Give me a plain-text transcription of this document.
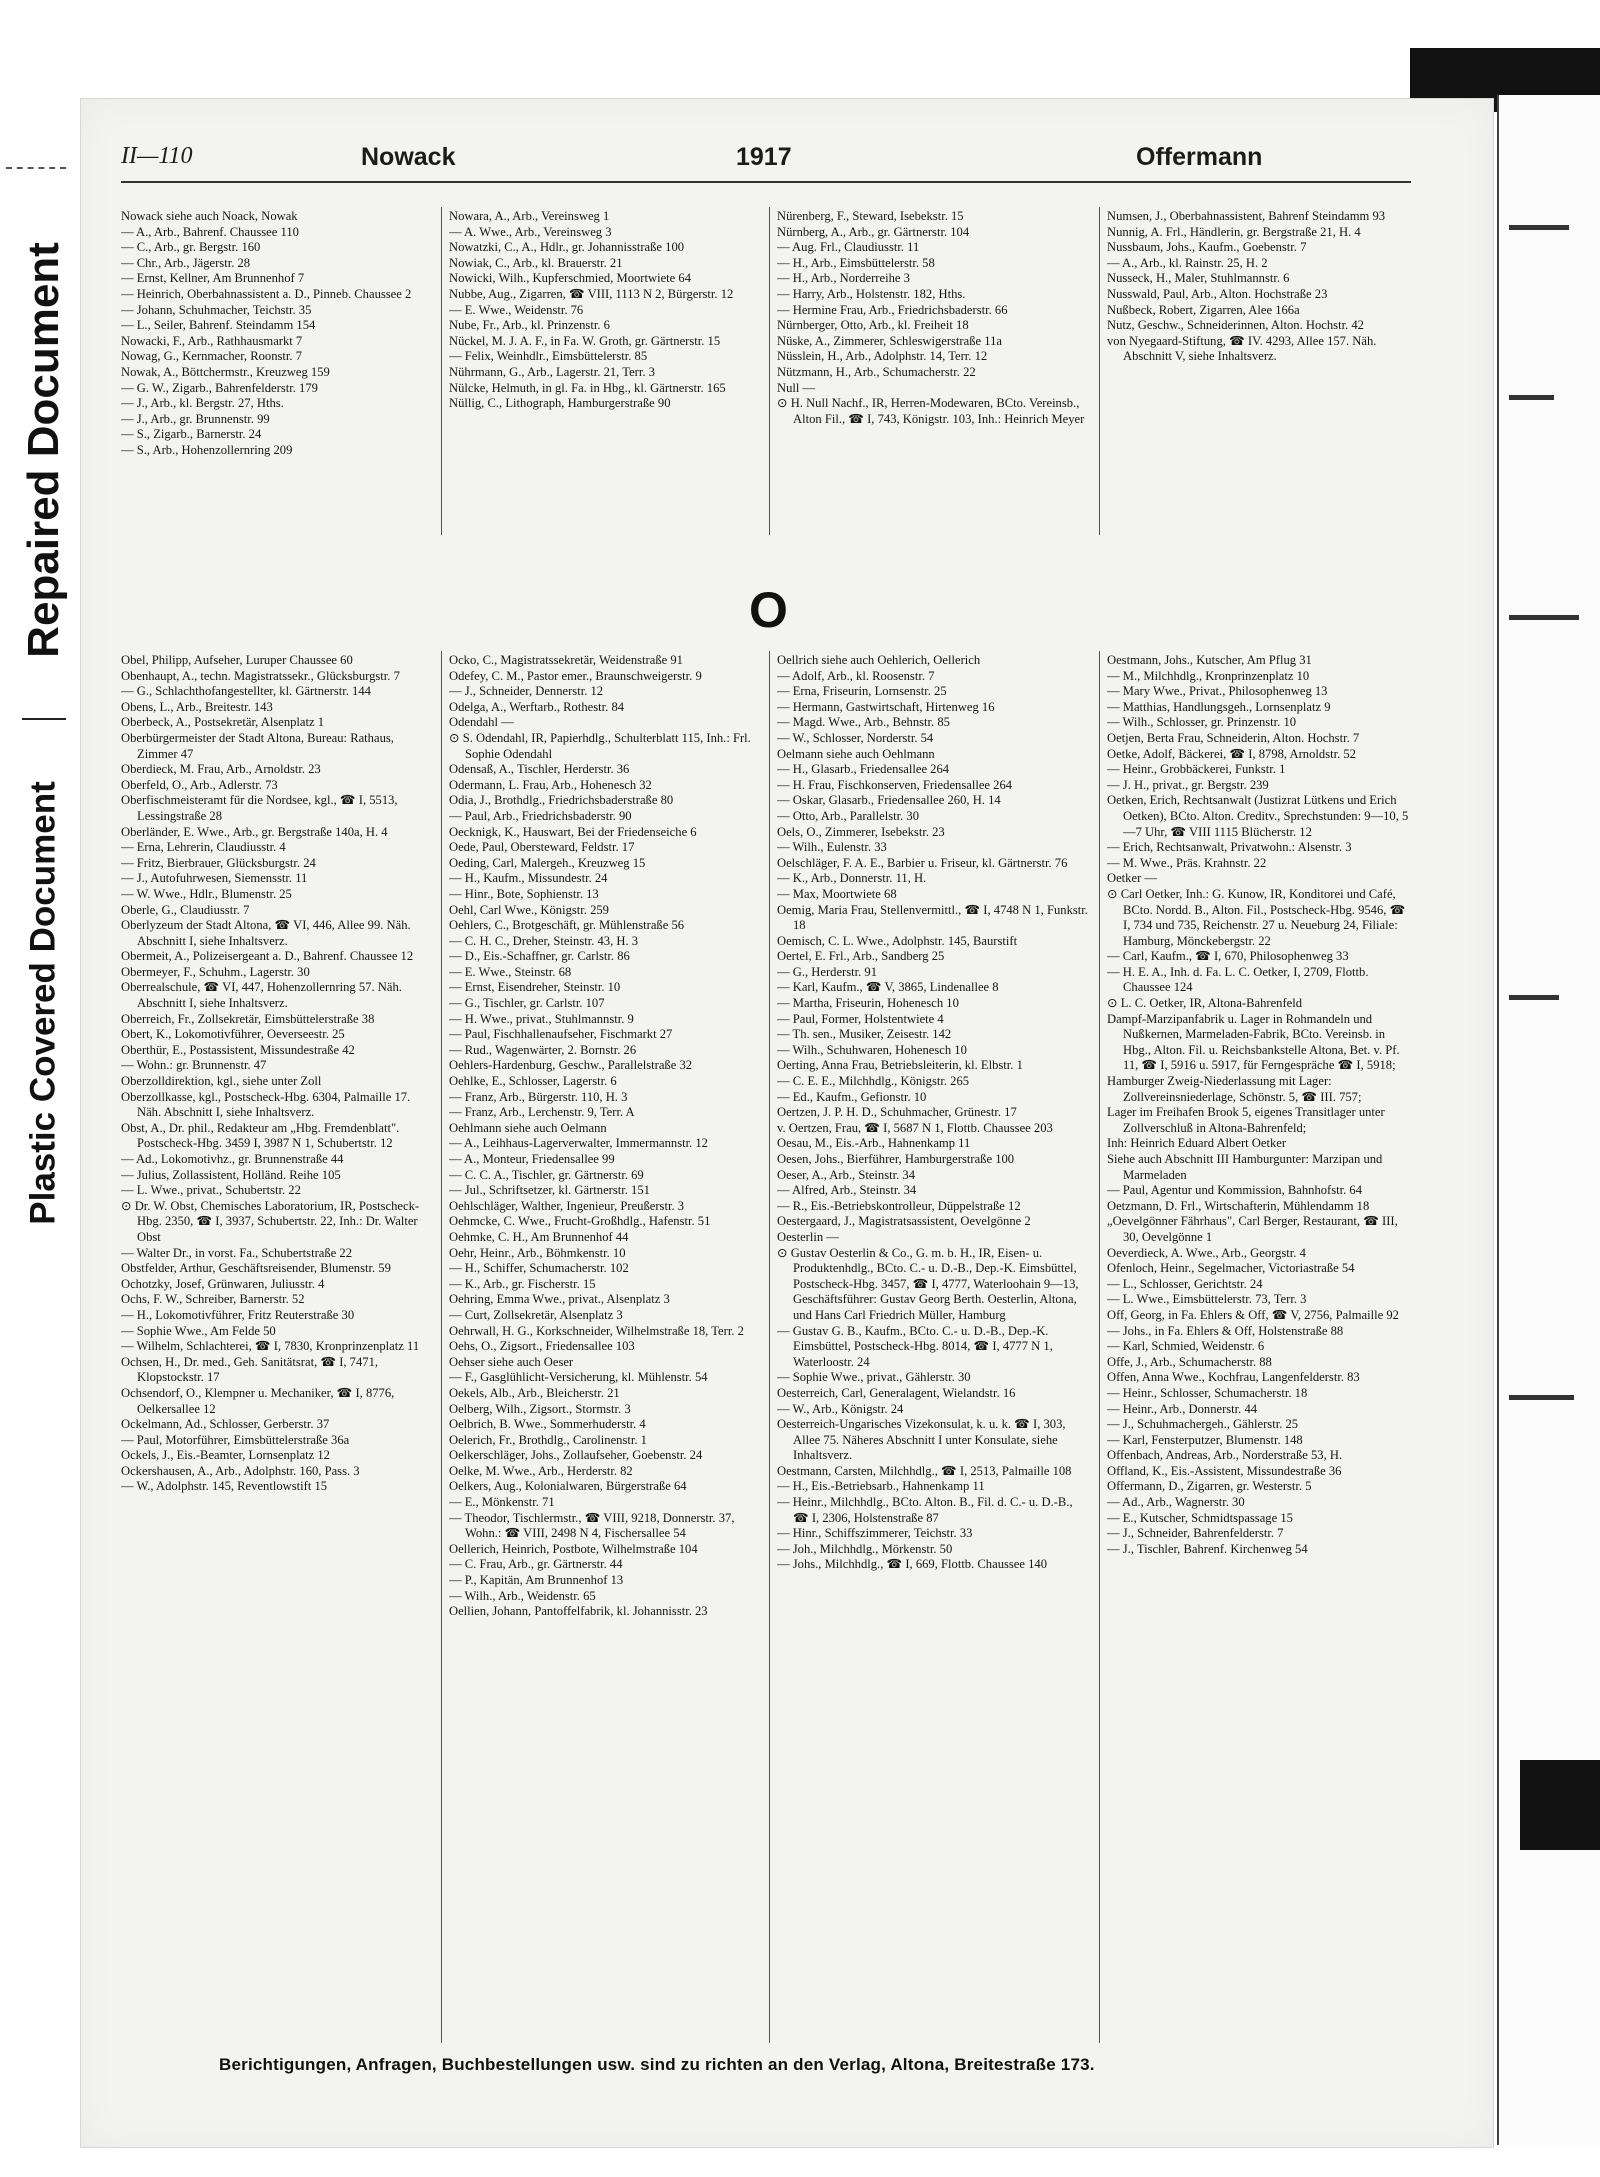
Repaired Document
Plastic Covered Document
II—110	Nowack	1917	Offermann

Nowack siehe auch Noack, Nowak

— A., Arb., Bahrenf. Chaussee 110

— C., Arb., gr. Bergstr. 160

— Chr., Arb., Jägerstr. 28

— Ernst, Kellner, Am Brunnenhof 7

— Heinrich, Oberbahnassistent a. D., Pinneb. Chaussee 2

— Johann, Schuhmacher, Teichstr. 35

— L., Seiler, Bahrenf. Steindamm 154

Nowacki, F., Arb., Rathhausmarkt 7

Nowag, G., Kernmacher, Roonstr. 7

Nowak, A., Böttchermstr., Kreuzweg 159

— G. W., Zigarb., Bahrenfelderstr. 179

— J., Arb., kl. Bergstr. 27, Hths.

— J., Arb., gr. Brunnenstr. 99

— S., Zigarb., Barnerstr. 24

— S., Arb., Hohenzollernring 209

Nowara, A., Arb., Vereinsweg 1

— A. Wwe., Arb., Vereinsweg 3

Nowatzki, C., A., Hdlr., gr. Johannisstraße 100

Nowiak, C., Arb., kl. Brauerstr. 21

Nowicki, Wilh., Kupferschmied, Moortwiete 64

Nubbe, Aug., Zigarren, ☎ VIII, 1113 N 2, Bürgerstr. 12

— E. Wwe., Weidenstr. 76

Nube, Fr., Arb., kl. Prinzenstr. 6

Nückel, M. J. A. F., in Fa. W. Groth, gr. Gärtnerstr. 15

— Felix, Weinhdlr., Eimsbüttelerstr. 85

Nührmann, G., Arb., Lagerstr. 21, Terr. 3

Nülcke, Helmuth, in gl. Fa. in Hbg., kl. Gärtnerstr. 165

Nüllig, C., Lithograph, Hamburgerstraße 90

Nürenberg, F., Steward, Isebekstr. 15

Nürnberg, A., Arb., gr. Gärtnerstr. 104

— Aug. Frl., Claudiusstr. 11

— H., Arb., Eimsbüttelerstr. 58

— H., Arb., Norderreihe 3

— Harry, Arb., Holstenstr. 182, Hths.

— Hermine Frau, Arb., Friedrichsbaderstr. 66

Nürnberger, Otto, Arb., kl. Freiheit 18

Nüske, A., Zimmerer, Schleswigerstraße 11a

Nüsslein, H., Arb., Adolphstr. 14, Terr. 12

Nützmann, H., Arb., Schumacherstr. 22

Null —

⊙ H. Null Nachf., IR, Herren-Modewaren, BCto. Vereinsb., Alton Fil., ☎ I, 743, Königstr. 103, Inh.: Heinrich Meyer

Numsen, J., Oberbahnassistent, Bahrenf Steindamm 93

Nunnig, A. Frl., Händlerin, gr. Bergstraße 21, H. 4

Nussbaum, Johs., Kaufm., Goebenstr. 7

— A., Arb., kl. Rainstr. 25, H. 2

Nusseck, H., Maler, Stuhlmannstr. 6

Nusswald, Paul, Arb., Alton. Hochstraße 23

Nußbeck, Robert, Zigarren, Alee 166a

Nutz, Geschw., Schneiderinnen, Alton. Hochstr. 42

von Nyegaard-Stiftung, ☎ IV. 4293, Allee 157. Näh. Abschnitt V, siehe Inhaltsverz.

O

Obel, Philipp, Aufseher, Luruper Chaussee 60

Obenhaupt, A., techn. Magistratssekr., Glücksburgstr. 7

— G., Schlachthofangestellter, kl. Gärtnerstr. 144

Obens, L., Arb., Breitestr. 143

Oberbeck, A., Postsekretär, Alsenplatz 1

Oberbürgermeister der Stadt Altona, Bureau: Rathaus, Zimmer 47

Oberdieck, M. Frau, Arb., Arnoldstr. 23

Oberfeld, O., Arb., Adlerstr. 73

Oberfischmeisteramt für die Nordsee, kgl., ☎ I, 5513, Lessingstraße 28

Oberländer, E. Wwe., Arb., gr. Bergstraße 140a, H. 4

— Erna, Lehrerin, Claudiusstr. 4

— Fritz, Bierbrauer, Glücksburgstr. 24

— J., Autofuhrwesen, Siemensstr. 11

— W. Wwe., Hdlr., Blumenstr. 25

Oberle, G., Claudiusstr. 7

Oberlyzeum der Stadt Altona, ☎ VI, 446, Allee 99. Näh. Abschnitt I, siehe Inhaltsverz.

Obermeit, A., Polizeisergeant a. D., Bahrenf. Chaussee 12

Obermeyer, F., Schuhm., Lagerstr. 30

Oberrealschule, ☎ VI, 447, Hohenzollernring 57. Näh. Abschnitt I, siehe Inhaltsverz.

Oberreich, Fr., Zollsekretär, Eimsbüttelerstraße 38

Obert, K., Lokomotivführer, Oeverseestr. 25

Oberthür, E., Postassistent, Missundestraße 42

— Wohn.: gr. Brunnenstr. 47

Oberzolldirektion, kgl., siehe unter Zoll

Oberzollkasse, kgl., Postscheck-Hbg. 6304, Palmaille 17. Näh. Abschnitt I, siehe Inhaltsverz.

Obst, A., Dr. phil., Redakteur am „Hbg. Fremdenblatt". Postscheck-Hbg. 3459 I, 3987 N 1, Schubertstr. 12

— Ad., Lokomotivhz., gr. Brunnenstraße 44

— Julius, Zollassistent, Holländ. Reihe 105

— L. Wwe., privat., Schubertstr. 22

⊙ Dr. W. Obst, Chemisches Laboratorium, IR, Postscheck-Hbg. 2350, ☎ I, 3937, Schubertstr. 22, Inh.: Dr. Walter Obst

— Walter Dr., in vorst. Fa., Schubertstraße 22

Obstfelder, Arthur, Geschäftsreisender, Blumenstr. 59

Ochotzky, Josef, Grünwaren, Juliusstr. 4

Ochs, F. W., Schreiber, Barnerstr. 52

— H., Lokomotivführer, Fritz Reuterstraße 30

— Sophie Wwe., Am Felde 50

— Wilhelm, Schlachterei, ☎ I, 7830, Kronprinzenplatz 11

Ochsen, H., Dr. med., Geh. Sanitätsrat, ☎ I, 7471, Klopstockstr. 17

Ochsendorf, O., Klempner u. Mechaniker, ☎ I, 8776, Oelkersallee 12

Ockelmann, Ad., Schlosser, Gerberstr. 37

— Paul, Motorführer, Eimsbüttelerstraße 36a

Ockels, J., Eis.-Beamter, Lornsenplatz 12

Ockershausen, A., Arb., Adolphstr. 160, Pass. 3

— W., Adolphstr. 145, Reventlowstift 15

Ocko, C., Magistratssekretär, Weidenstraße 91

Odefey, C. M., Pastor emer., Braunschweigerstr. 9

— J., Schneider, Dennerstr. 12

Odelga, A., Werftarb., Rothestr. 84

Odendahl —

⊙ S. Odendahl, IR, Papierhdlg., Schulterblatt 115, Inh.: Frl. Sophie Odendahl

Odensaß, A., Tischler, Herderstr. 36

Odermann, L. Frau, Arb., Hohenesch 32

Odia, J., Brothdlg., Friedrichsbaderstraße 80

— Paul, Arb., Friedrichsbaderstr. 90

Oecknigk, K., Hauswart, Bei der Friedenseiche 6

Oede, Paul, Obersteward, Feldstr. 17

Oeding, Carl, Malergeh., Kreuzweg 15

— H., Kaufm., Missundestr. 24

— Hinr., Bote, Sophienstr. 13

Oehl, Carl Wwe., Königstr. 259

Oehlers, C., Brotgeschäft, gr. Mühlenstraße 56

— C. H. C., Dreher, Steinstr. 43, H. 3

— D., Eis.-Schaffner, gr. Carlstr. 86

— E. Wwe., Steinstr. 68

— Ernst, Eisendreher, Steinstr. 10

— G., Tischler, gr. Carlstr. 107

— H. Wwe., privat., Stuhlmannstr. 9

— Paul, Fischhallenaufseher, Fischmarkt 27

— Rud., Wagenwärter, 2. Bornstr. 26

Oehlers-Hardenburg, Geschw., Parallelstraße 32

Oehlke, E., Schlosser, Lagerstr. 6

— Franz, Arb., Bürgerstr. 110, H. 3

— Franz, Arb., Lerchenstr. 9, Terr. A

Oehlmann siehe auch Oelmann

— A., Leihhaus-Lagerverwalter, Immermannstr. 12

— A., Monteur, Friedensallee 99

— C. C. A., Tischler, gr. Gärtnerstr. 69

— Jul., Schriftsetzer, kl. Gärtnerstr. 151

Oehlschläger, Walther, Ingenieur, Preußerstr. 3

Oehmcke, C. Wwe., Frucht-Großhdlg., Hafenstr. 51

Oehmke, C. H., Am Brunnenhof 44

Oehr, Heinr., Arb., Böhmkenstr. 10

— H., Schiffer, Schumacherstr. 102

— K., Arb., gr. Fischerstr. 15

Oehring, Emma Wwe., privat., Alsenplatz 3

— Curt, Zollsekretär, Alsenplatz 3

Oehrwall, H. G., Korkschneider, Wilhelmstraße 18, Terr. 2

Oehs, O., Zigsort., Friedensallee 103

Oehser siehe auch Oeser

— F., Gasglühlicht-Versicherung, kl. Mühlenstr. 54

Oekels, Alb., Arb., Bleicherstr. 21

Oelberg, Wilh., Zigsort., Stormstr. 3

Oelbrich, B. Wwe., Sommerhuderstr. 4

Oelerich, Fr., Brothdlg., Carolinenstr. 1

Oelkerschläger, Johs., Zollaufseher, Goebenstr. 24

Oelke, M. Wwe., Arb., Herderstr. 82

Oelkers, Aug., Kolonialwaren, Bürgerstraße 64

— E., Mönkenstr. 71

— Theodor, Tischlermstr., ☎ VIII, 9218, Donnerstr. 37, Wohn.: ☎ VIII, 2498 N 4, Fischersallee 54

Oellerich, Heinrich, Postbote, Wilhelmstraße 104

— C. Frau, Arb., gr. Gärtnerstr. 44

— P., Kapitän, Am Brunnenhof 13

— Wilh., Arb., Weidenstr. 65

Oellien, Johann, Pantoffelfabrik, kl. Johannisstr. 23

Oellrich siehe auch Oehlerich, Oellerich

— Adolf, Arb., kl. Roosenstr. 7

— Erna, Friseurin, Lornsenstr. 25

— Hermann, Gastwirtschaft, Hirtenweg 16

— Magd. Wwe., Arb., Behnstr. 85

— W., Schlosser, Norderstr. 54

Oelmann siehe auch Oehlmann

— H., Glasarb., Friedensallee 264

— H. Frau, Fischkonserven, Friedensallee 264

— Oskar, Glasarb., Friedensallee 260, H. 14

— Otto, Arb., Parallelstr. 30

Oels, O., Zimmerer, Isebekstr. 23

— Wilh., Eulenstr. 33

Oelschläger, F. A. E., Barbier u. Friseur, kl. Gärtnerstr. 76

— K., Arb., Donnerstr. 11, H.

— Max, Moortwiete 68

Oemig, Maria Frau, Stellenvermittl., ☎ I, 4748 N 1, Funkstr. 18

Oemisch, C. L. Wwe., Adolphstr. 145, Baurstift

Oertel, E. Frl., Arb., Sandberg 25

— G., Herderstr. 91

— Karl, Kaufm., ☎ V, 3865, Lindenallee 8

— Martha, Friseurin, Hohenesch 10

— Paul, Former, Holstentwiete 4

— Th. sen., Musiker, Zeisestr. 142

— Wilh., Schuhwaren, Hohenesch 10

Oerting, Anna Frau, Betriebsleiterin, kl. Elbstr. 1

— C. E. E., Milchhdlg., Königstr. 265

— Ed., Kaufm., Gefionstr. 10

Oertzen, J. P. H. D., Schuhmacher, Grünestr. 17

v. Oertzen, Frau, ☎ I, 5687 N 1, Flottb. Chaussee 203

Oesau, M., Eis.-Arb., Hahnenkamp 11

Oesen, Johs., Bierführer, Hamburgerstraße 100

Oeser, A., Arb., Steinstr. 34

— Alfred, Arb., Steinstr. 34

— R., Eis.-Betriebskontrolleur, Düppelstraße 12

Oestergaard, J., Magistratsassistent, Oevelgönne 2

Oesterlin —

⊙ Gustav Oesterlin & Co., G. m. b. H., IR, Eisen- u. Produktenhdlg., BCto. C.- u. D.-B., Dep.-K. Eimsbüttel, Postscheck-Hbg. 3457, ☎ I, 4777, Waterloohain 9—13, Geschäftsführer: Gustav Georg Berth. Oesterlin, Altona, und Hans Carl Friedrich Müller, Hamburg

— Gustav G. B., Kaufm., BCto. C.- u. D.-B., Dep.-K. Eimsbüttel, Postscheck-Hbg. 8014, ☎ I, 4777 N 1, Waterloostr. 24

— Sophie Wwe., privat., Gählerstr. 30

Oesterreich, Carl, Generalagent, Wielandstr. 16

— W., Arb., Königstr. 24

Oesterreich-Ungarisches Vizekonsulat, k. u. k. ☎ I, 303, Allee 75. Näheres Abschnitt I unter Konsulate, siehe Inhaltsverz.

Oestmann, Carsten, Milchhdlg., ☎ I, 2513, Palmaille 108

— H., Eis.-Betriebsarb., Hahnenkamp 11

— Heinr., Milchhdlg., BCto. Alton. B., Fil. d. C.- u. D.-B., ☎ I, 2306, Holstenstraße 87

— Hinr., Schiffszimmerer, Teichstr. 33

— Joh., Milchhdlg., Mörkenstr. 50

— Johs., Milchhdlg., ☎ I, 669, Flottb. Chaussee 140

Oestmann, Johs., Kutscher, Am Pflug 31

— M., Milchhdlg., Kronprinzenplatz 10

— Mary Wwe., Privat., Philosophenweg 13

— Matthias, Handlungsgeh., Lornsenplatz 9

— Wilh., Schlosser, gr. Prinzenstr. 10

Oetjen, Berta Frau, Schneiderin, Alton. Hochstr. 7

Oetke, Adolf, Bäckerei, ☎ I, 8798, Arnoldstr. 52

— Heinr., Grobbäckerei, Funkstr. 1

— J. H., privat., gr. Bergstr. 239

Oetken, Erich, Rechtsanwalt (Justizrat Lütkens und Erich Oetken), BCto. Alton. Creditv., Sprechstunden: 9—10, 5—7 Uhr, ☎ VIII 1115 Blücherstr. 12

— Erich, Rechtsanwalt, Privatwohn.: Alsenstr. 3

— M. Wwe., Präs. Krahnstr. 22

Oetker —

⊙ Carl Oetker, Inh.: G. Kunow, IR, Konditorei und Café, BCto. Nordd. B., Alton. Fil., Postscheck-Hbg. 9546, ☎ I, 734 und 735, Reichenstr. 27 u. Neueburg 24, Filiale: Hamburg, Mönckebergstr. 22

— Carl, Kaufm., ☎ I, 670, Philosophenweg 33

— H. E. A., Inh. d. Fa. L. C. Oetker, I, 2709, Flottb. Chaussee 124

⊙ L. C. Oetker, IR, Altona-Bahrenfeld

Dampf-Marzipanfabrik u. Lager in Rohmandeln und Nußkernen, Marmeladen-Fabrik, BCto. Vereinsb. in Hbg., Alton. Fil. u. Reichsbankstelle Altona, Bet. v. Pf. 11, ☎ I, 5916 u. 5917, für Ferngespräche ☎ I, 5918;

Hamburger Zweig-Niederlassung mit Lager: Zollvereinsniederlage, Schönstr. 5, ☎ III. 757;

Lager im Freihafen Brook 5, eigenes Transitlager unter Zollverschluß in Altona-Bahrenfeld;

Inh: Heinrich Eduard Albert Oetker

Siehe auch Abschnitt III Hamburgunter: Marzipan und Marmeladen

— Paul, Agentur und Kommission, Bahnhofstr. 64

Oetzmann, D. Frl., Wirtschafterin, Mühlendamm 18

„Oevelgönner Fährhaus", Carl Berger, Restaurant, ☎ III, 30, Oevelgönne 1

Oeverdieck, A. Wwe., Arb., Georgstr. 4

Ofenloch, Heinr., Segelmacher, Victoriastraße 54

— L., Schlosser, Gerichtstr. 24

— L. Wwe., Eimsbüttelerstr. 73, Terr. 3

Off, Georg, in Fa. Ehlers & Off, ☎ V, 2756, Palmaille 92

— Johs., in Fa. Ehlers & Off, Holstenstraße 88

— Karl, Schmied, Weidenstr. 6

Offe, J., Arb., Schumacherstr. 88

Offen, Anna Wwe., Kochfrau, Langenfelderstr. 83

— Heinr., Schlosser, Schumacherstr. 18

— Heinr., Arb., Donnerstr. 44

— J., Schuhmachergeh., Gählerstr. 25

— Karl, Fensterputzer, Blumenstr. 148

Offenbach, Andreas, Arb., Norderstraße 53, H.

Offland, K., Eis.-Assistent, Missundestraße 36

Offermann, D., Zigarren, gr. Westerstr. 5

— Ad., Arb., Wagnerstr. 30

— E., Kutscher, Schmidtspassage 15

— J., Schneider, Bahrenfelderstr. 7

— J., Tischler, Bahrenf. Kirchenweg 54

Berichtigungen, Anfragen, Buchbestellungen usw. sind zu richten an den Verlag, Altona, Breitestraße 173.
